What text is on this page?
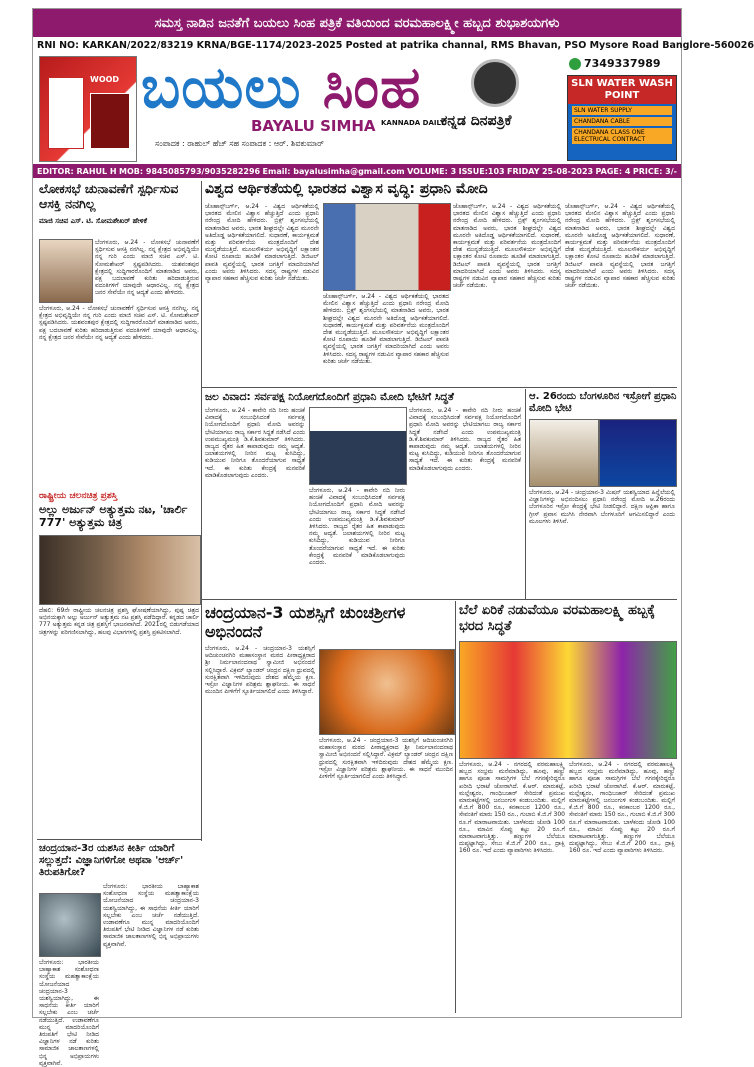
ಸಮಸ್ತ ನಾಡಿನ ಜನತೆಗೆ ಬಯಲು ಸಿಂಹ ಪತ್ರಿಕೆ ವತಿಯಿಂದ ವರಮಹಾಲಕ್ಷ್ಮೀ ಹಬ್ಬದ ಶುಭಾಶಯಗಳು
RNI NO: KARKAN/2022/83219 KRNA/BGE-1174/2023-2025 Posted at patrika channal, RMS Bhavan, PSO Mysore Road Banglore-560026
WOOD ಬಯಲು ಸಿಂಹ
BAYALU SIMHA KANNADA DAILY
ಕನ್ನಡ ದಿನಪತ್ರಿಕೆ
ಸಂಪಾದಕ : ರಾಹುಲ್ ಹೆಚ್ ಸಹ ಸಂಪಾದಕ : ಆರ್. ಶಿವಕುಮಾರ್
7349337989
SLN WATER WASH POINT
SLN WATER SUPPLY
CHANDANA CABLE
CHANDANA CLASS ONE ELECTRICAL CONTRACT
EDITOR: RAHUL H MOB: 9845085793/9035282296 Email: bayalusimha@gmail.com VOLUME: 3 ISSUE:103 FRIDAY 25-08-2023 PAGE: 4 PRICE: 3/-
ಲೋಕಸಭೆ ಚುನಾವಣೆಗೆ ಸ್ಪರ್ಧಿಸುವ ಆಸಕ್ತಿ ನನಗಿಲ್ಲ
ಮಾಜಿ ಸಚಿವ ಎಸ್. ಟಿ. ಸೋಮಶೇಖರ್ ಹೇಳಿಕೆ
ಬೆಂಗಳೂರು, ಆ.24 - ಲೋಕಸಭೆ ಚುನಾವಣೆಗೆ ಸ್ಪರ್ಧಿಸುವ ಆಸಕ್ತಿ ನನಗಿಲ್ಲ. ನನ್ನ ಕ್ಷೇತ್ರದ ಅಭಿವೃದ್ಧಿಯೇ ನನ್ನ ಗುರಿ ಎಂದು ಮಾಜಿ ಸಚಿವ ಎಸ್. ಟಿ. ಸೋಮಶೇಖರ್ ಸ್ಪಷ್ಟಪಡಿಸಿದರು. ಯಶವಂತಪುರ ಕ್ಷೇತ್ರದಲ್ಲಿ ಸುದ್ದಿಗಾರರೊಂದಿಗೆ ಮಾತನಾಡಿದ ಅವರು, ಪಕ್ಷ ಬದಲಾವಣೆ ಕುರಿತು ಹರಿದಾಡುತ್ತಿರುವ ವದಂತಿಗಳಿಗೆ ಯಾವುದೇ ಆಧಾರವಿಲ್ಲ. ನನ್ನ ಕ್ಷೇತ್ರದ ಜನರ ಸೇವೆಯೇ ನನ್ನ ಆದ್ಯತೆ ಎಂದು ಹೇಳಿದರು.
ಬೆಂಗಳೂರು, ಆ.24 - ಲೋಕಸಭೆ ಚುನಾವಣೆಗೆ ಸ್ಪರ್ಧಿಸುವ ಆಸಕ್ತಿ ನನಗಿಲ್ಲ. ನನ್ನ ಕ್ಷೇತ್ರದ ಅಭಿವೃದ್ಧಿಯೇ ನನ್ನ ಗುರಿ ಎಂದು ಮಾಜಿ ಸಚಿವ ಎಸ್. ಟಿ. ಸೋಮಶೇಖರ್ ಸ್ಪಷ್ಟಪಡಿಸಿದರು. ಯಶವಂತಪುರ ಕ್ಷೇತ್ರದಲ್ಲಿ ಸುದ್ದಿಗಾರರೊಂದಿಗೆ ಮಾತನಾಡಿದ ಅವರು, ಪಕ್ಷ ಬದಲಾವಣೆ ಕುರಿತು ಹರಿದಾಡುತ್ತಿರುವ ವದಂತಿಗಳಿಗೆ ಯಾವುದೇ ಆಧಾರವಿಲ್ಲ. ನನ್ನ ಕ್ಷೇತ್ರದ ಜನರ ಸೇವೆಯೇ ನನ್ನ ಆದ್ಯತೆ ಎಂದು ಹೇಳಿದರು.
ರಾಷ್ಟ್ರೀಯ ಚಲನಚಿತ್ರ ಪ್ರಶಸ್ತಿ
ಅಲ್ಲು ಅರ್ಜುನ್ ಅತ್ಯುತ್ತಮ ನಟ, 'ಚಾರ್ಲಿ 777' ಅತ್ಯುತ್ತಮ ಚಿತ್ರ
ದೆಹಲಿ: 69ನೇ ರಾಷ್ಟ್ರೀಯ ಚಲನಚಿತ್ರ ಪ್ರಶಸ್ತಿ ಘೋಷಣೆಯಾಗಿದ್ದು, ಪುಷ್ಪ ಚಿತ್ರದ ಅಭಿನಯಕ್ಕಾಗಿ ಅಲ್ಲು ಅರ್ಜುನ್ ಅತ್ಯುತ್ತಮ ನಟ ಪ್ರಶಸ್ತಿ ಪಡೆದಿದ್ದಾರೆ. ಕನ್ನಡದ ಚಾರ್ಲಿ 777 ಅತ್ಯುತ್ತಮ ಕನ್ನಡ ಚಿತ್ರ ಪ್ರಶಸ್ತಿಗೆ ಭಾಜನವಾಗಿದೆ. 2021ರಲ್ಲಿ ಬಿಡುಗಡೆಯಾದ ಚಿತ್ರಗಳನ್ನು ಪರಿಗಣಿಸಲಾಗಿದ್ದು, ಹಲವು ವಿಭಾಗಗಳಲ್ಲಿ ಪ್ರಶಸ್ತಿ ಪ್ರಕಟಿಸಲಾಗಿದೆ.
ಚಂದ್ರಯಾನ-3ರ ಯಶಸಿನ ಕೀರ್ತಿ ಯಾರಿಗೆ ಸಲ್ಲುತ್ತದೆ: ವಿಜ್ಞಾನಿಗಳಿಗೋ ಅಥವಾ 'ಆರ್ಚ್' ತಿರುಪತಿಗೋ?
ಬೆಂಗಳೂರು: ಭಾರತೀಯ ಬಾಹ್ಯಾಕಾಶ ಸಂಶೋಧನಾ ಸಂಸ್ಥೆಯ ಮಹತ್ವಾಕಾಂಕ್ಷೆಯ ಯೋಜನೆಯಾದ ಚಂದ್ರಯಾನ-3 ಯಶಸ್ವಿಯಾಗಿದ್ದು, ಈ ಸಾಧನೆಯ ಕೀರ್ತಿ ಯಾರಿಗೆ ಸಲ್ಲಬೇಕು ಎಂಬ ಚರ್ಚೆ ನಡೆಯುತ್ತಿದೆ. ಉಡಾವಣೆಗೂ ಮುನ್ನ ಮಾದರಿಯೊಂದಿಗೆ ತಿರುಪತಿಗೆ ಭೇಟಿ ನೀಡಿದ ವಿಜ್ಞಾನಿಗಳ ನಡೆ ಕುರಿತು ಸಾಮಾಜಿಕ ಜಾಲತಾಣಗಳಲ್ಲಿ ಭಿನ್ನ ಅಭಿಪ್ರಾಯಗಳು ವ್ಯಕ್ತವಾಗಿವೆ.
ಬೆಂಗಳೂರು: ಭಾರತೀಯ ಬಾಹ್ಯಾಕಾಶ ಸಂಶೋಧನಾ ಸಂಸ್ಥೆಯ ಮಹತ್ವಾಕಾಂಕ್ಷೆಯ ಯೋಜನೆಯಾದ ಚಂದ್ರಯಾನ-3 ಯಶಸ್ವಿಯಾಗಿದ್ದು, ಈ ಸಾಧನೆಯ ಕೀರ್ತಿ ಯಾರಿಗೆ ಸಲ್ಲಬೇಕು ಎಂಬ ಚರ್ಚೆ ನಡೆಯುತ್ತಿದೆ. ಉಡಾವಣೆಗೂ ಮುನ್ನ ಮಾದರಿಯೊಂದಿಗೆ ತಿರುಪತಿಗೆ ಭೇಟಿ ನೀಡಿದ ವಿಜ್ಞಾನಿಗಳ ನಡೆ ಕುರಿತು ಸಾಮಾಜಿಕ ಜಾಲತಾಣಗಳಲ್ಲಿ ಭಿನ್ನ ಅಭಿಪ್ರಾಯಗಳು ವ್ಯಕ್ತವಾಗಿವೆ.
ವಿಶ್ವದ ಆರ್ಥಿಕತೆಯಲ್ಲಿ ಭಾರತದ ವಿಶ್ವಾಸ ವೃದ್ಧಿ: ಪ್ರಧಾನಿ ಮೋದಿ
ಜೊಹಾನ್ಸ್‌ಬರ್ಗ್, ಆ.24 - ವಿಶ್ವದ ಆರ್ಥಿಕತೆಯಲ್ಲಿ ಭಾರತದ ಮೇಲಿನ ವಿಶ್ವಾಸ ಹೆಚ್ಚುತ್ತಿದೆ ಎಂದು ಪ್ರಧಾನಿ ನರೇಂದ್ರ ಮೋದಿ ಹೇಳಿದರು. ಬ್ರಿಕ್ಸ್ ಶೃಂಗಸಭೆಯಲ್ಲಿ ಮಾತನಾಡಿದ ಅವರು, ಭಾರತ ಶೀಘ್ರದಲ್ಲೇ ವಿಶ್ವದ ಮೂರನೇ ಅತಿದೊಡ್ಡ ಆರ್ಥಿಕತೆಯಾಗಲಿದೆ. ಸುಧಾರಣೆ, ಕಾರ್ಯಕ್ಷಮತೆ ಮತ್ತು ಪರಿವರ್ತನೆಯ ಮಂತ್ರದೊಂದಿಗೆ ದೇಶ ಮುನ್ನಡೆಯುತ್ತಿದೆ. ಮೂಲಸೌಕರ್ಯ ಅಭಿವೃದ್ಧಿಗೆ ಲಕ್ಷಾಂತರ ಕೋಟಿ ರೂಪಾಯಿ ಹೂಡಿಕೆ ಮಾಡಲಾಗುತ್ತಿದೆ. ಡಿಜಿಟಲ್ ಪಾವತಿ ವ್ಯವಸ್ಥೆಯಲ್ಲಿ ಭಾರತ ಜಗತ್ತಿಗೆ ಮಾದರಿಯಾಗಿದೆ ಎಂದು ಅವರು ತಿಳಿಸಿದರು. ಸದಸ್ಯ ರಾಷ್ಟ್ರಗಳ ನಡುವಿನ ವ್ಯಾಪಾರ ಸಹಕಾರ ಹೆಚ್ಚಿಸುವ ಕುರಿತು ಚರ್ಚೆ ನಡೆಯಿತು.
ಜೊಹಾನ್ಸ್‌ಬರ್ಗ್, ಆ.24 - ವಿಶ್ವದ ಆರ್ಥಿಕತೆಯಲ್ಲಿ ಭಾರತದ ಮೇಲಿನ ವಿಶ್ವಾಸ ಹೆಚ್ಚುತ್ತಿದೆ ಎಂದು ಪ್ರಧಾನಿ ನರೇಂದ್ರ ಮೋದಿ ಹೇಳಿದರು. ಬ್ರಿಕ್ಸ್ ಶೃಂಗಸಭೆಯಲ್ಲಿ ಮಾತನಾಡಿದ ಅವರು, ಭಾರತ ಶೀಘ್ರದಲ್ಲೇ ವಿಶ್ವದ ಮೂರನೇ ಅತಿದೊಡ್ಡ ಆರ್ಥಿಕತೆಯಾಗಲಿದೆ. ಸುಧಾರಣೆ, ಕಾರ್ಯಕ್ಷಮತೆ ಮತ್ತು ಪರಿವರ್ತನೆಯ ಮಂತ್ರದೊಂದಿಗೆ ದೇಶ ಮುನ್ನಡೆಯುತ್ತಿದೆ. ಮೂಲಸೌಕರ್ಯ ಅಭಿವೃದ್ಧಿಗೆ ಲಕ್ಷಾಂತರ ಕೋಟಿ ರೂಪಾಯಿ ಹೂಡಿಕೆ ಮಾಡಲಾಗುತ್ತಿದೆ. ಡಿಜಿಟಲ್ ಪಾವತಿ ವ್ಯವಸ್ಥೆಯಲ್ಲಿ ಭಾರತ ಜಗತ್ತಿಗೆ ಮಾದರಿಯಾಗಿದೆ ಎಂದು ಅವರು ತಿಳಿಸಿದರು. ಸದಸ್ಯ ರಾಷ್ಟ್ರಗಳ ನಡುವಿನ ವ್ಯಾಪಾರ ಸಹಕಾರ ಹೆಚ್ಚಿಸುವ ಕುರಿತು ಚರ್ಚೆ ನಡೆಯಿತು.
ಜೊಹಾನ್ಸ್‌ಬರ್ಗ್, ಆ.24 - ವಿಶ್ವದ ಆರ್ಥಿಕತೆಯಲ್ಲಿ ಭಾರತದ ಮೇಲಿನ ವಿಶ್ವಾಸ ಹೆಚ್ಚುತ್ತಿದೆ ಎಂದು ಪ್ರಧಾನಿ ನರೇಂದ್ರ ಮೋದಿ ಹೇಳಿದರು. ಬ್ರಿಕ್ಸ್ ಶೃಂಗಸಭೆಯಲ್ಲಿ ಮಾತನಾಡಿದ ಅವರು, ಭಾರತ ಶೀಘ್ರದಲ್ಲೇ ವಿಶ್ವದ ಮೂರನೇ ಅತಿದೊಡ್ಡ ಆರ್ಥಿಕತೆಯಾಗಲಿದೆ. ಸುಧಾರಣೆ, ಕಾರ್ಯಕ್ಷಮತೆ ಮತ್ತು ಪರಿವರ್ತನೆಯ ಮಂತ್ರದೊಂದಿಗೆ ದೇಶ ಮುನ್ನಡೆಯುತ್ತಿದೆ. ಮೂಲಸೌಕರ್ಯ ಅಭಿವೃದ್ಧಿಗೆ ಲಕ್ಷಾಂತರ ಕೋಟಿ ರೂಪಾಯಿ ಹೂಡಿಕೆ ಮಾಡಲಾಗುತ್ತಿದೆ. ಡಿಜಿಟಲ್ ಪಾವತಿ ವ್ಯವಸ್ಥೆಯಲ್ಲಿ ಭಾರತ ಜಗತ್ತಿಗೆ ಮಾದರಿಯಾಗಿದೆ ಎಂದು ಅವರು ತಿಳಿಸಿದರು. ಸದಸ್ಯ ರಾಷ್ಟ್ರಗಳ ನಡುವಿನ ವ್ಯಾಪಾರ ಸಹಕಾರ ಹೆಚ್ಚಿಸುವ ಕುರಿತು ಚರ್ಚೆ ನಡೆಯಿತು.
ಜೊಹಾನ್ಸ್‌ಬರ್ಗ್, ಆ.24 - ವಿಶ್ವದ ಆರ್ಥಿಕತೆಯಲ್ಲಿ ಭಾರತದ ಮೇಲಿನ ವಿಶ್ವಾಸ ಹೆಚ್ಚುತ್ತಿದೆ ಎಂದು ಪ್ರಧಾನಿ ನರೇಂದ್ರ ಮೋದಿ ಹೇಳಿದರು. ಬ್ರಿಕ್ಸ್ ಶೃಂಗಸಭೆಯಲ್ಲಿ ಮಾತನಾಡಿದ ಅವರು, ಭಾರತ ಶೀಘ್ರದಲ್ಲೇ ವಿಶ್ವದ ಮೂರನೇ ಅತಿದೊಡ್ಡ ಆರ್ಥಿಕತೆಯಾಗಲಿದೆ. ಸುಧಾರಣೆ, ಕಾರ್ಯಕ್ಷಮತೆ ಮತ್ತು ಪರಿವರ್ತನೆಯ ಮಂತ್ರದೊಂದಿಗೆ ದೇಶ ಮುನ್ನಡೆಯುತ್ತಿದೆ. ಮೂಲಸೌಕರ್ಯ ಅಭಿವೃದ್ಧಿಗೆ ಲಕ್ಷಾಂತರ ಕೋಟಿ ರೂಪಾಯಿ ಹೂಡಿಕೆ ಮಾಡಲಾಗುತ್ತಿದೆ. ಡಿಜಿಟಲ್ ಪಾವತಿ ವ್ಯವಸ್ಥೆಯಲ್ಲಿ ಭಾರತ ಜಗತ್ತಿಗೆ ಮಾದರಿಯಾಗಿದೆ ಎಂದು ಅವರು ತಿಳಿಸಿದರು. ಸದಸ್ಯ ರಾಷ್ಟ್ರಗಳ ನಡುವಿನ ವ್ಯಾಪಾರ ಸಹಕಾರ ಹೆಚ್ಚಿಸುವ ಕುರಿತು ಚರ್ಚೆ ನಡೆಯಿತು.
ಜಲ ವಿವಾದ: ಸರ್ವಪಕ್ಷ ನಿಯೋಗದೊಂದಿಗೆ ಪ್ರಧಾನಿ ಮೋದಿ ಭೇಟಿಗೆ ಸಿದ್ಧತೆ
ಬೆಂಗಳೂರು, ಆ.24 - ಕಾವೇರಿ ನದಿ ನೀರು ಹಂಚಿಕೆ ವಿವಾದಕ್ಕೆ ಸಂಬಂಧಿಸಿದಂತೆ ಸರ್ವಪಕ್ಷ ನಿಯೋಗದೊಂದಿಗೆ ಪ್ರಧಾನಿ ಮೋದಿ ಅವರನ್ನು ಭೇಟಿಯಾಗಲು ರಾಜ್ಯ ಸರ್ಕಾರ ಸಿದ್ಧತೆ ನಡೆಸಿದೆ ಎಂದು ಉಪಮುಖ್ಯಮಂತ್ರಿ ಡಿ.ಕೆ.ಶಿವಕುಮಾರ್ ತಿಳಿಸಿದರು. ರಾಜ್ಯದ ರೈತರ ಹಿತ ಕಾಪಾಡುವುದು ನಮ್ಮ ಆದ್ಯತೆ. ಜಲಾಶಯಗಳಲ್ಲಿ ನೀರಿನ ಮಟ್ಟ ಕುಸಿದಿದ್ದು, ಕುಡಿಯುವ ನೀರಿಗೂ ತೊಂದರೆಯಾಗುವ ಸಾಧ್ಯತೆ ಇದೆ. ಈ ಕುರಿತು ಕೇಂದ್ರಕ್ಕೆ ಮನವರಿಕೆ ಮಾಡಿಕೊಡಲಾಗುವುದು ಎಂದರು.
ಬೆಂಗಳೂರು, ಆ.24 - ಕಾವೇರಿ ನದಿ ನೀರು ಹಂಚಿಕೆ ವಿವಾದಕ್ಕೆ ಸಂಬಂಧಿಸಿದಂತೆ ಸರ್ವಪಕ್ಷ ನಿಯೋಗದೊಂದಿಗೆ ಪ್ರಧಾನಿ ಮೋದಿ ಅವರನ್ನು ಭೇಟಿಯಾಗಲು ರಾಜ್ಯ ಸರ್ಕಾರ ಸಿದ್ಧತೆ ನಡೆಸಿದೆ ಎಂದು ಉಪಮುಖ್ಯಮಂತ್ರಿ ಡಿ.ಕೆ.ಶಿವಕುಮಾರ್ ತಿಳಿಸಿದರು. ರಾಜ್ಯದ ರೈತರ ಹಿತ ಕಾಪಾಡುವುದು ನಮ್ಮ ಆದ್ಯತೆ. ಜಲಾಶಯಗಳಲ್ಲಿ ನೀರಿನ ಮಟ್ಟ ಕುಸಿದಿದ್ದು, ಕುಡಿಯುವ ನೀರಿಗೂ ತೊಂದರೆಯಾಗುವ ಸಾಧ್ಯತೆ ಇದೆ. ಈ ಕುರಿತು ಕೇಂದ್ರಕ್ಕೆ ಮನವರಿಕೆ ಮಾಡಿಕೊಡಲಾಗುವುದು ಎಂದರು.
ಬೆಂಗಳೂರು, ಆ.24 - ಕಾವೇರಿ ನದಿ ನೀರು ಹಂಚಿಕೆ ವಿವಾದಕ್ಕೆ ಸಂಬಂಧಿಸಿದಂತೆ ಸರ್ವಪಕ್ಷ ನಿಯೋಗದೊಂದಿಗೆ ಪ್ರಧಾನಿ ಮೋದಿ ಅವರನ್ನು ಭೇಟಿಯಾಗಲು ರಾಜ್ಯ ಸರ್ಕಾರ ಸಿದ್ಧತೆ ನಡೆಸಿದೆ ಎಂದು ಉಪಮುಖ್ಯಮಂತ್ರಿ ಡಿ.ಕೆ.ಶಿವಕುಮಾರ್ ತಿಳಿಸಿದರು. ರಾಜ್ಯದ ರೈತರ ಹಿತ ಕಾಪಾಡುವುದು ನಮ್ಮ ಆದ್ಯತೆ. ಜಲಾಶಯಗಳಲ್ಲಿ ನೀರಿನ ಮಟ್ಟ ಕುಸಿದಿದ್ದು, ಕುಡಿಯುವ ನೀರಿಗೂ ತೊಂದರೆಯಾಗುವ ಸಾಧ್ಯತೆ ಇದೆ. ಈ ಕುರಿತು ಕೇಂದ್ರಕ್ಕೆ ಮನವರಿಕೆ ಮಾಡಿಕೊಡಲಾಗುವುದು ಎಂದರು.
ಆ. 26ರಂದು ಬೆಂಗಳೂರಿನ ಇಸ್ರೋಗೆ ಪ್ರಧಾನಿ ಮೋದಿ ಭೇಟಿ
ಬೆಂಗಳೂರು, ಆ.24 - ಚಂದ್ರಯಾನ-3 ಮಿಷನ್ ಯಶಸ್ವಿಯಾದ ಹಿನ್ನೆಲೆಯಲ್ಲಿ ವಿಜ್ಞಾನಿಗಳನ್ನು ಅಭಿನಂದಿಸಲು ಪ್ರಧಾನಿ ನರೇಂದ್ರ ಮೋದಿ ಆ.26ರಂದು ಬೆಂಗಳೂರಿನ ಇಸ್ರೋ ಕೇಂದ್ರಕ್ಕೆ ಭೇಟಿ ನೀಡಲಿದ್ದಾರೆ. ದಕ್ಷಿಣ ಆಫ್ರಿಕಾ ಹಾಗೂ ಗ್ರೀಸ್ ಪ್ರವಾಸ ಮುಗಿಸಿ ನೇರವಾಗಿ ಬೆಂಗಳೂರಿಗೆ ಆಗಮಿಸಲಿದ್ದಾರೆ ಎಂದು ಮೂಲಗಳು ತಿಳಿಸಿವೆ.
ಚಂದ್ರಯಾನ-3 ಯಶಸ್ಸಿಗೆ ಚುಂಚಶ್ರೀಗಳ ಅಭಿನಂದನೆ
ಬೆಂಗಳೂರು, ಆ.24 - ಚಂದ್ರಯಾನ-3 ಯಶಸ್ಸಿಗೆ ಆದಿಚುಂಚನಗಿರಿ ಮಹಾಸಂಸ್ಥಾನ ಮಠದ ಪೀಠಾಧ್ಯಕ್ಷರಾದ ಶ್ರೀ ನಿರ್ಮಲಾನಂದನಾಥ ಸ್ವಾಮೀಜಿ ಅಭಿನಂದನೆ ಸಲ್ಲಿಸಿದ್ದಾರೆ. ವಿಕ್ರಮ್ ಲ್ಯಾಂಡರ್ ಚಂದ್ರನ ದಕ್ಷಿಣ ಧ್ರುವದಲ್ಲಿ ಸುರಕ್ಷಿತವಾಗಿ ಇಳಿದಿರುವುದು ದೇಶದ ಹೆಮ್ಮೆಯ ಕ್ಷಣ. ಇಸ್ರೋ ವಿಜ್ಞಾನಿಗಳ ಪರಿಶ್ರಮ ಶ್ಲಾಘನೀಯ. ಈ ಸಾಧನೆ ಮುಂದಿನ ಪೀಳಿಗೆಗೆ ಸ್ಫೂರ್ತಿಯಾಗಲಿದೆ ಎಂದು ತಿಳಿಸಿದ್ದಾರೆ.
ಬೆಂಗಳೂರು, ಆ.24 - ಚಂದ್ರಯಾನ-3 ಯಶಸ್ಸಿಗೆ ಆದಿಚುಂಚನಗಿರಿ ಮಹಾಸಂಸ್ಥಾನ ಮಠದ ಪೀಠಾಧ್ಯಕ್ಷರಾದ ಶ್ರೀ ನಿರ್ಮಲಾನಂದನಾಥ ಸ್ವಾಮೀಜಿ ಅಭಿನಂದನೆ ಸಲ್ಲಿಸಿದ್ದಾರೆ. ವಿಕ್ರಮ್ ಲ್ಯಾಂಡರ್ ಚಂದ್ರನ ದಕ್ಷಿಣ ಧ್ರುವದಲ್ಲಿ ಸುರಕ್ಷಿತವಾಗಿ ಇಳಿದಿರುವುದು ದೇಶದ ಹೆಮ್ಮೆಯ ಕ್ಷಣ. ಇಸ್ರೋ ವಿಜ್ಞಾನಿಗಳ ಪರಿಶ್ರಮ ಶ್ಲಾಘನೀಯ. ಈ ಸಾಧನೆ ಮುಂದಿನ ಪೀಳಿಗೆಗೆ ಸ್ಫೂರ್ತಿಯಾಗಲಿದೆ ಎಂದು ತಿಳಿಸಿದ್ದಾರೆ.
ಬೆಲೆ ಏರಿಕೆ ನಡುವೆಯೂ ವರಮಹಾಲಕ್ಷ್ಮಿ ಹಬ್ಬಕ್ಕೆ ಭರದ ಸಿದ್ಧತೆ
ಬೆಂಗಳೂರು, ಆ.24 - ನಗರದಲ್ಲಿ ವರಮಹಾಲಕ್ಷ್ಮಿ ಹಬ್ಬದ ಸಂಭ್ರಮ ಮನೆಮಾಡಿದ್ದು, ಹೂವು, ಹಣ್ಣು ಹಾಗೂ ಪೂಜಾ ಸಾಮಗ್ರಿಗಳ ಬೆಲೆ ಗಗನಕ್ಕೇರಿದ್ದರೂ ಖರೀದಿ ಭರಾಟೆ ಜೋರಾಗಿದೆ. ಕೆ.ಆರ್. ಮಾರುಕಟ್ಟೆ, ಮಲ್ಲೇಶ್ವರಂ, ಗಾಂಧಿಬಜಾರ್ ಸೇರಿದಂತೆ ಪ್ರಮುಖ ಮಾರುಕಟ್ಟೆಗಳಲ್ಲಿ ಜನಜಂಗುಳಿ ಕಂಡುಬಂದಿತು. ಮಲ್ಲಿಗೆ ಕೆ.ಜಿ.ಗೆ 800 ರೂ., ಕನಕಾಂಬರ 1200 ರೂ., ಸೇವಂತಿಗೆ ಮಾರು 150 ರೂ., ಗುಲಾಬಿ ಕೆ.ಜಿ.ಗೆ 300 ರೂ.ಗೆ ಮಾರಾಟವಾಯಿತು. ಬಾಳೆಕಂದು ಜೋಡಿ 100 ರೂ., ಮಾವಿನ ಸೊಪ್ಪು ಕಟ್ಟು 20 ರೂ.ಗೆ ಮಾರಾಟವಾಗುತ್ತಿತ್ತು. ಹಣ್ಣುಗಳ ಬೆಲೆಯೂ ದುಪ್ಪಟ್ಟಾಗಿದ್ದು, ಸೇಬು ಕೆ.ಜಿ.ಗೆ 200 ರೂ., ದ್ರಾಕ್ಷಿ 160 ರೂ. ಇದೆ ಎಂದು ವ್ಯಾಪಾರಿಗಳು ತಿಳಿಸಿದರು.
ಬೆಂಗಳೂರು, ಆ.24 - ನಗರದಲ್ಲಿ ವರಮಹಾಲಕ್ಷ್ಮಿ ಹಬ್ಬದ ಸಂಭ್ರಮ ಮನೆಮಾಡಿದ್ದು, ಹೂವು, ಹಣ್ಣು ಹಾಗೂ ಪೂಜಾ ಸಾಮಗ್ರಿಗಳ ಬೆಲೆ ಗಗನಕ್ಕೇರಿದ್ದರೂ ಖರೀದಿ ಭರಾಟೆ ಜೋರಾಗಿದೆ. ಕೆ.ಆರ್. ಮಾರುಕಟ್ಟೆ, ಮಲ್ಲೇಶ್ವರಂ, ಗಾಂಧಿಬಜಾರ್ ಸೇರಿದಂತೆ ಪ್ರಮುಖ ಮಾರುಕಟ್ಟೆಗಳಲ್ಲಿ ಜನಜಂಗುಳಿ ಕಂಡುಬಂದಿತು. ಮಲ್ಲಿಗೆ ಕೆ.ಜಿ.ಗೆ 800 ರೂ., ಕನಕಾಂಬರ 1200 ರೂ., ಸೇವಂತಿಗೆ ಮಾರು 150 ರೂ., ಗುಲಾಬಿ ಕೆ.ಜಿ.ಗೆ 300 ರೂ.ಗೆ ಮಾರಾಟವಾಯಿತು. ಬಾಳೆಕಂದು ಜೋಡಿ 100 ರೂ., ಮಾವಿನ ಸೊಪ್ಪು ಕಟ್ಟು 20 ರೂ.ಗೆ ಮಾರಾಟವಾಗುತ್ತಿತ್ತು. ಹಣ್ಣುಗಳ ಬೆಲೆಯೂ ದುಪ್ಪಟ್ಟಾಗಿದ್ದು, ಸೇಬು ಕೆ.ಜಿ.ಗೆ 200 ರೂ., ದ್ರಾಕ್ಷಿ 160 ರೂ. ಇದೆ ಎಂದು ವ್ಯಾಪಾರಿಗಳು ತಿಳಿಸಿದರು.
